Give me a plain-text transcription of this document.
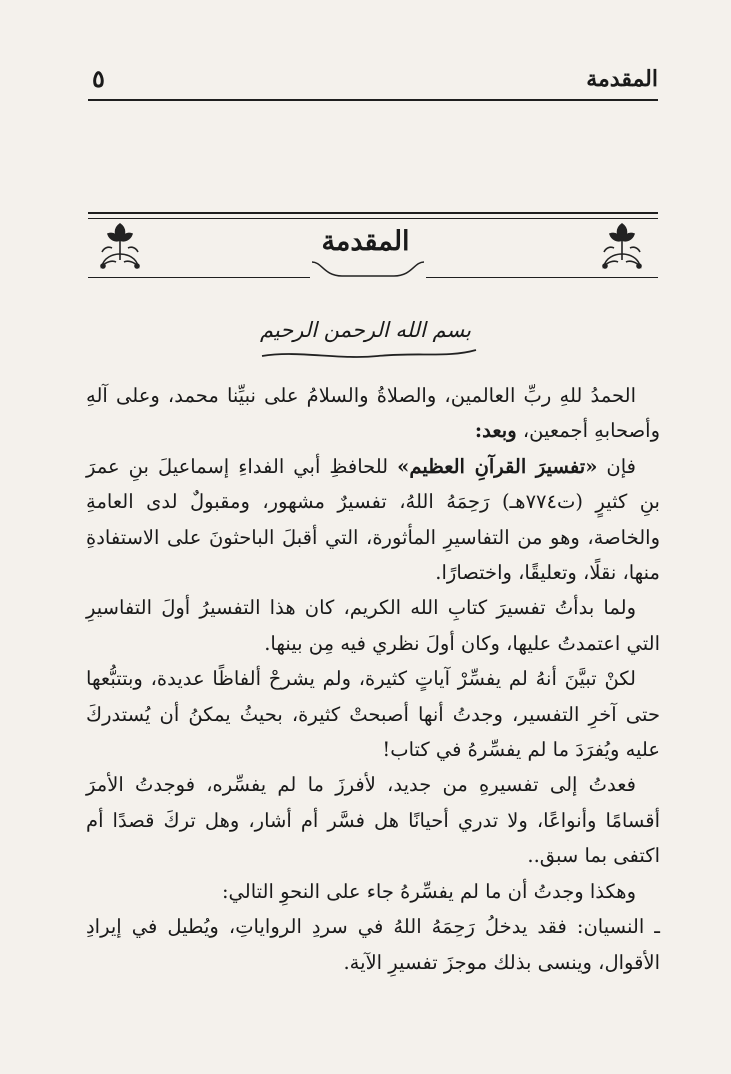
المقدمة
٥
المقدمة
بسم الله الرحمن الرحيم

الحمدُ للهِ ربِّ العالمين، والصلاةُ والسلامُ على نبيِّنا محمد، وعلى آلهِ وأصحابهِ أجمعين، وبعد:

فإن «تفسيرَ القرآنِ العظيم» للحافظِ أبي الفداءِ إسماعيلَ بنِ عمرَ بنِ كثيرٍ (ت٧٧٤هـ) رَحِمَهُ اللهُ، تفسيرٌ مشهور، ومقبولٌ لدى العامةِ والخاصة، وهو من التفاسيرِ المأثورة، التي أقبلَ الباحثونَ على الاستفادةِ منها، نقلًا، وتعليقًا، واختصارًا.

ولما بدأتُ تفسيرَ كتابِ الله الكريم، كان هذا التفسيرُ أولَ التفاسيرِ التي اعتمدتُ عليها، وكان أولَ نظري فيه مِن بينها.

لكنْ تبيَّنَ أنهُ لم يفسِّرْ آياتٍ كثيرة، ولم يشرحْ ألفاظًا عديدة، وبتتبُّعها حتى آخرِ التفسير، وجدتُ أنها أصبحتْ كثيرة، بحيثُ يمكنُ أن يُستدركَ عليه ويُفرَدَ ما لم يفسِّرهُ في كتاب!

فعدتُ إلى تفسيرهِ من جديد، لأفرزَ ما لم يفسِّره، فوجدتُ الأمرَ أقسامًا وأنواعًا، ولا تدري أحيانًا هل فسَّر أم أشار، وهل تركَ قصدًا أم اكتفى بما سبق..

وهكذا وجدتُ أن ما لم يفسِّرهُ جاء على النحوِ التالي:

ـ النسيان: فقد يدخلُ رَحِمَهُ اللهُ في سردِ الرواياتِ، ويُطيل في إيرادِ الأقوال، وينسى بذلك موجزَ تفسيرِ الآية.
